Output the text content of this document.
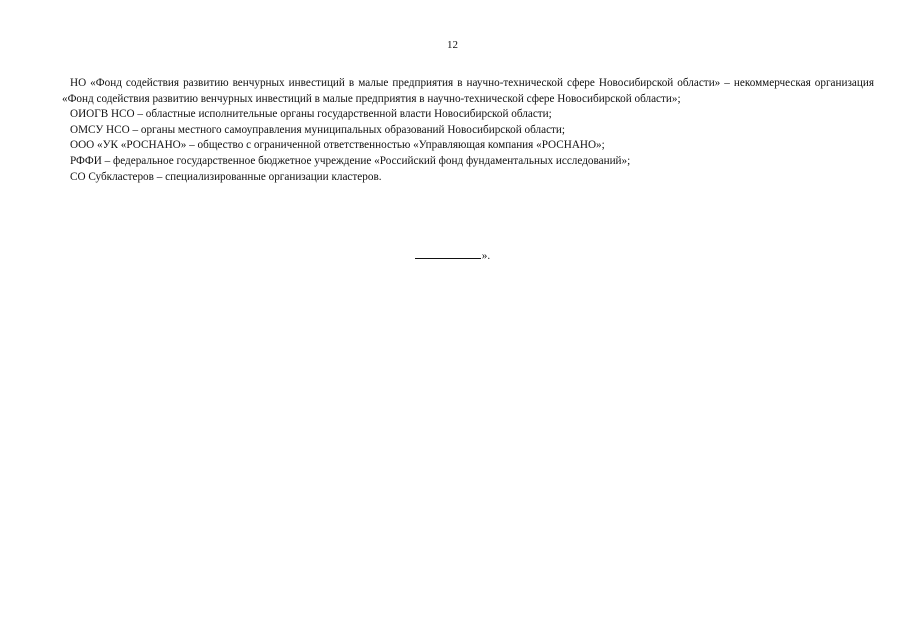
12

НО «Фонд содействия развитию венчурных инвестиций в малые предприятия в научно-технической сфере Новосибирской области» – некоммерческая организация «Фонд содействия развитию венчурных инвестиций в малые предприятия в научно-технической сфере Новосибирской области»;

ОИОГВ НСО – областные исполнительные органы государственной власти Новосибирской области;

ОМСУ НСО – органы местного самоуправления муниципальных образований Новосибирской области;

ООО «УК «РОСНАНО» – общество с ограниченной ответственностью «Управляющая компания «РОСНАНО»;

РФФИ – федеральное государственное бюджетное учреждение «Российский фонд фундаментальных исследований»;

СО Субкластеров – специализированные организации кластеров.

».
